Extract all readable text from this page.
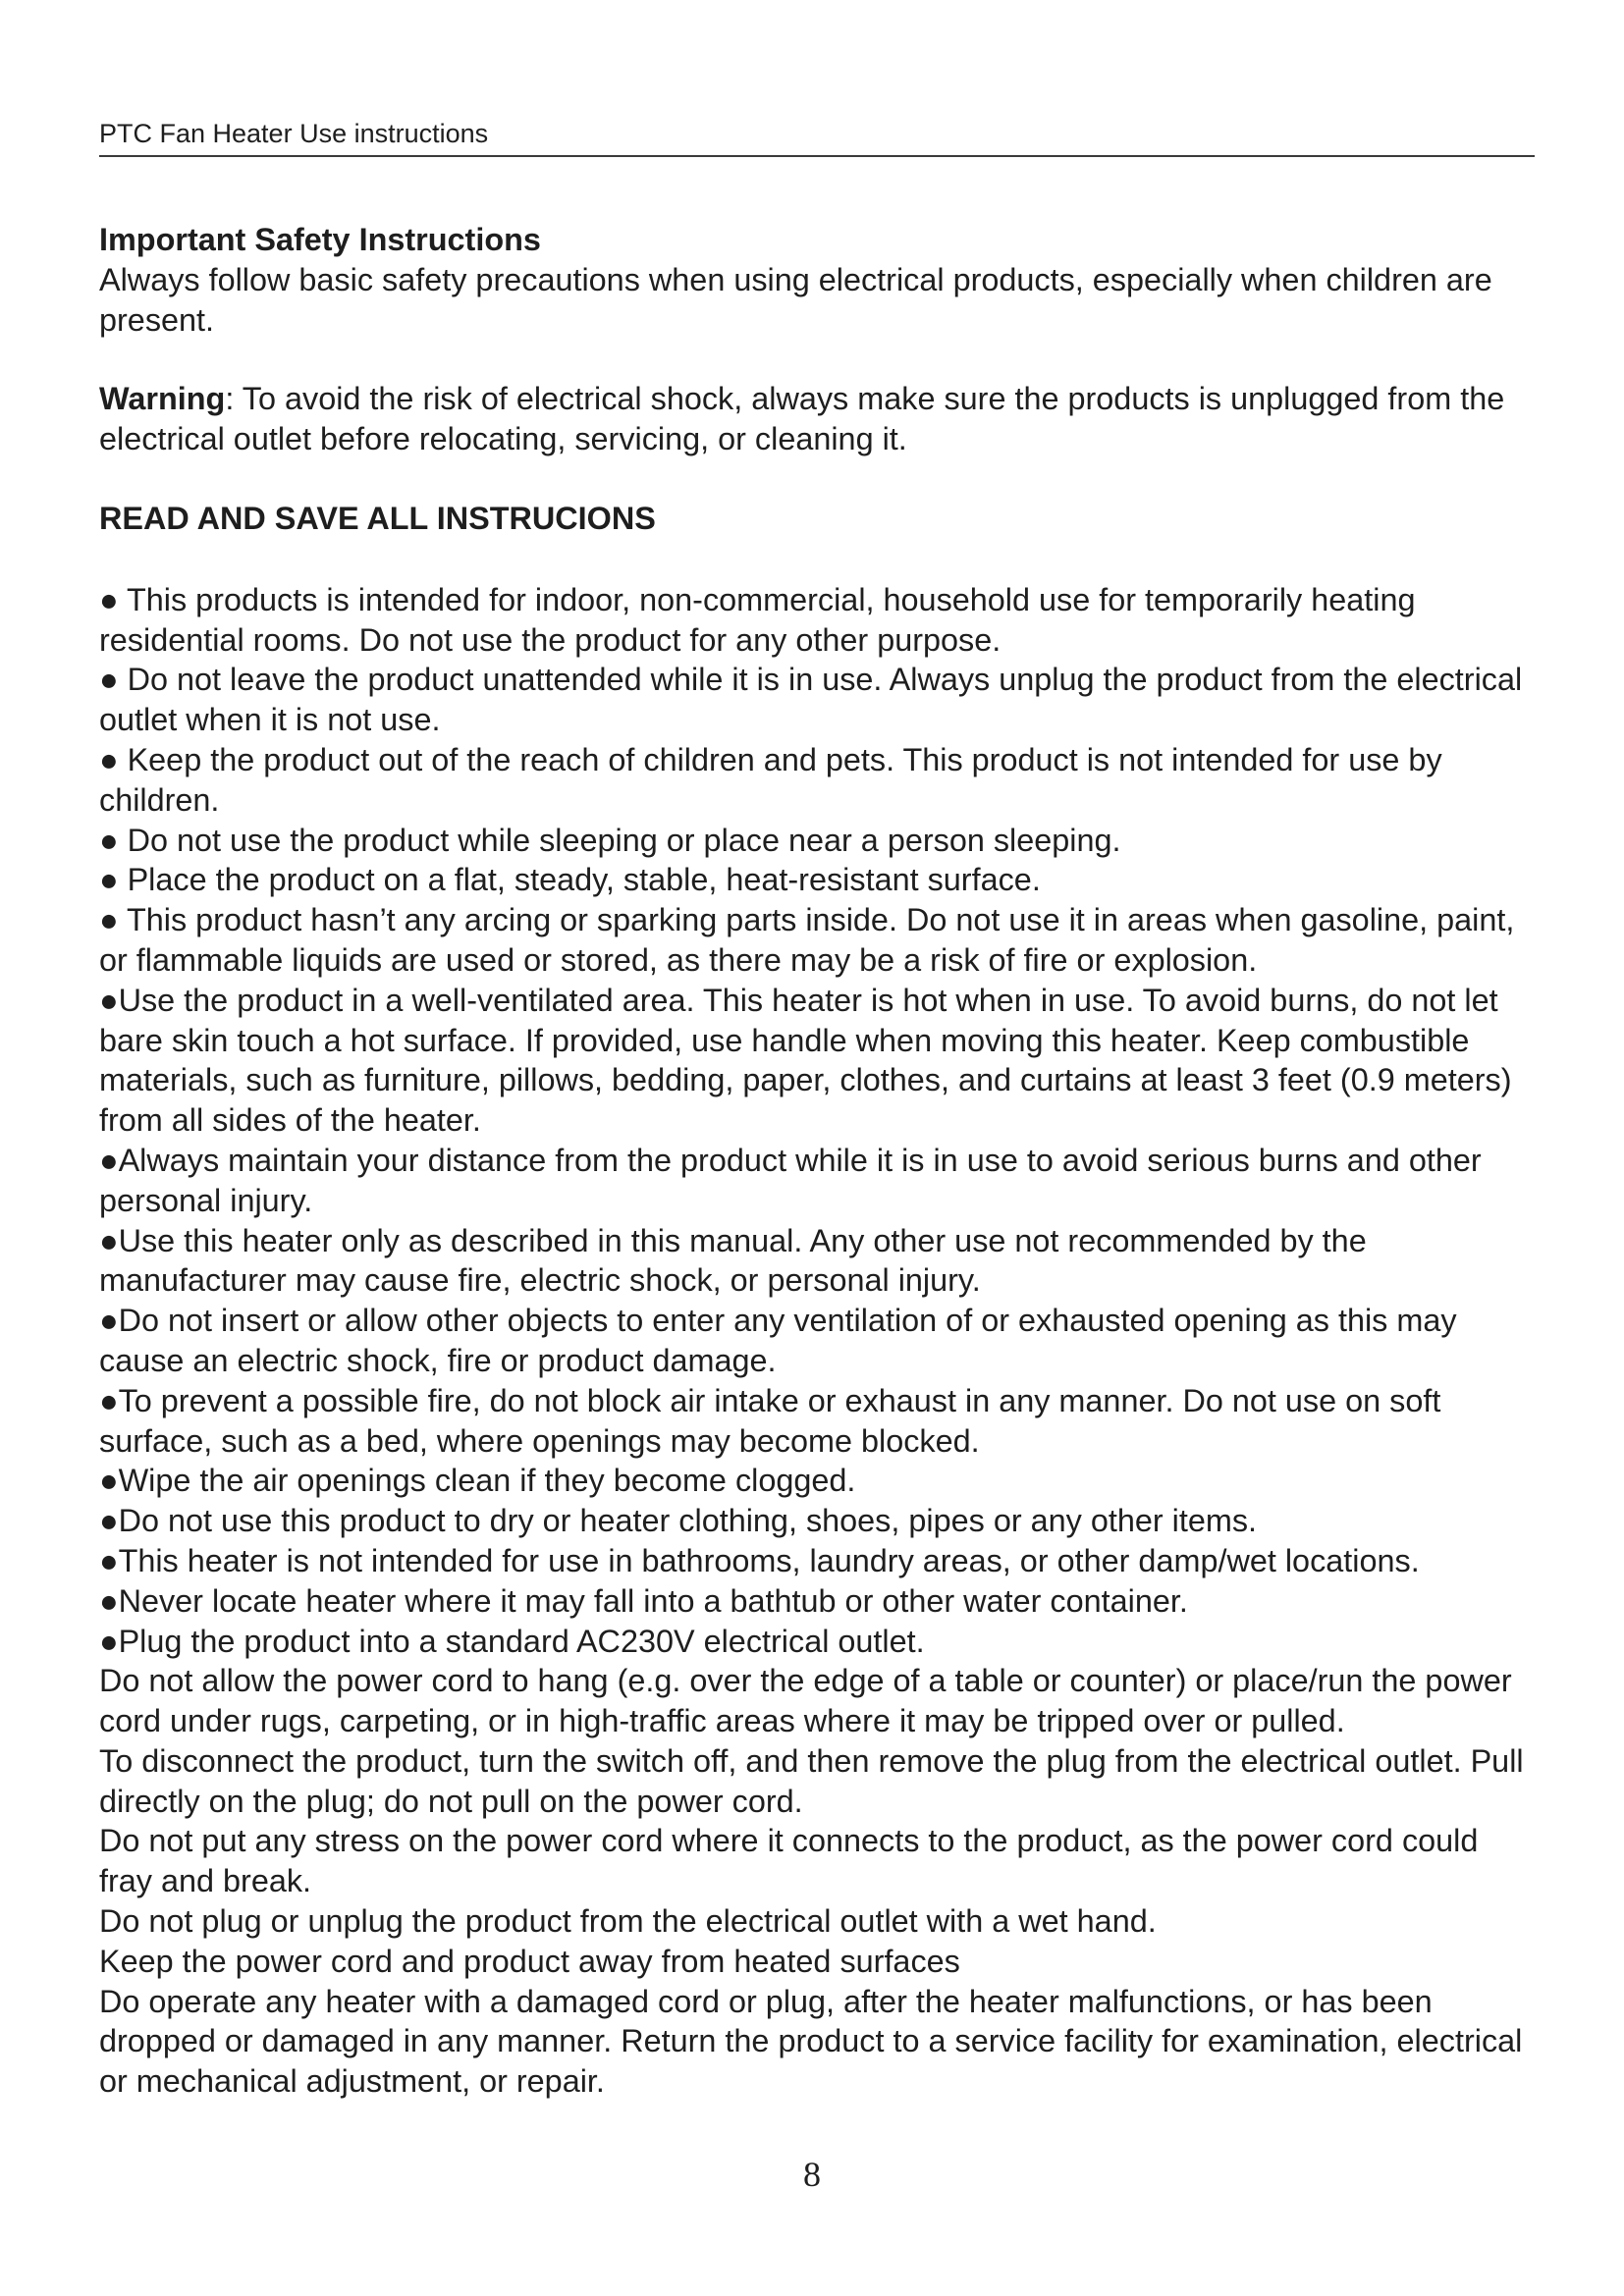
PTC Fan Heater Use instructions

Important Safety Instructions

Always follow basic safety precautions when using electrical products, especially when children are present.

Warning: To avoid the risk of electrical shock, always make sure the products is unplugged from the electrical outlet before relocating, servicing, or cleaning it.

READ AND SAVE ALL INSTRUCIONS

● This products is intended for indoor, non-commercial, household use for temporarily heating residential rooms. Do not use the product for any other purpose.

● Do not leave the product unattended while it is in use. Always unplug the product from the electrical outlet when it is not use.

● Keep the product out of the reach of children and pets. This product is not intended for use by children.

● Do not use the product while sleeping or place near a person sleeping.

● Place the product on a flat, steady, stable, heat-resistant surface.

● This product hasn’t any arcing or sparking parts inside. Do not use it in areas when gasoline, paint, or flammable liquids are used or stored, as there may be a risk of fire or explosion.

●Use the product in a well-ventilated area. This heater is hot when in use. To avoid burns, do not let bare skin touch a hot surface. If provided, use handle when moving this heater. Keep combustible materials, such as furniture, pillows, bedding, paper, clothes, and curtains at least 3 feet (0.9 meters) from all sides of the heater.

●Always maintain your distance from the product while it is in use to avoid serious burns and other personal injury.

●Use this heater only as described in this manual. Any other use not recommended by the manufacturer may cause fire, electric shock, or personal injury.

●Do not insert or allow other objects to enter any ventilation of or exhausted opening as this may cause an electric shock, fire or product damage.

●To prevent a possible fire, do not block air intake or exhaust in any manner. Do not use on soft surface, such as a bed, where openings may become blocked.

●Wipe the air openings clean if they become clogged.

●Do not use this product to dry or heater clothing, shoes, pipes or any other items.

●This heater is not intended for use in bathrooms, laundry areas, or other damp/wet locations.

●Never locate heater where it may fall into a bathtub or other water container.

●Plug the product into a standard AC230V electrical outlet.

Do not allow the power cord to hang (e.g. over the edge of a table or counter) or place/run the power cord under rugs, carpeting, or in high-traffic areas where it may be tripped over or pulled.

To disconnect the product, turn the switch off, and then remove the plug from the electrical outlet. Pull directly on the plug; do not pull on the power cord.

Do not put any stress on the power cord where it connects to the product, as the power cord could fray and break.

Do not plug or unplug the product from the electrical outlet with a wet hand.

Keep the power cord and product away from heated surfaces

Do operate any heater with a damaged cord or plug, after the heater malfunctions, or has been dropped or damaged in any manner. Return the product to a service facility for examination, electrical or mechanical adjustment, or repair.

8
